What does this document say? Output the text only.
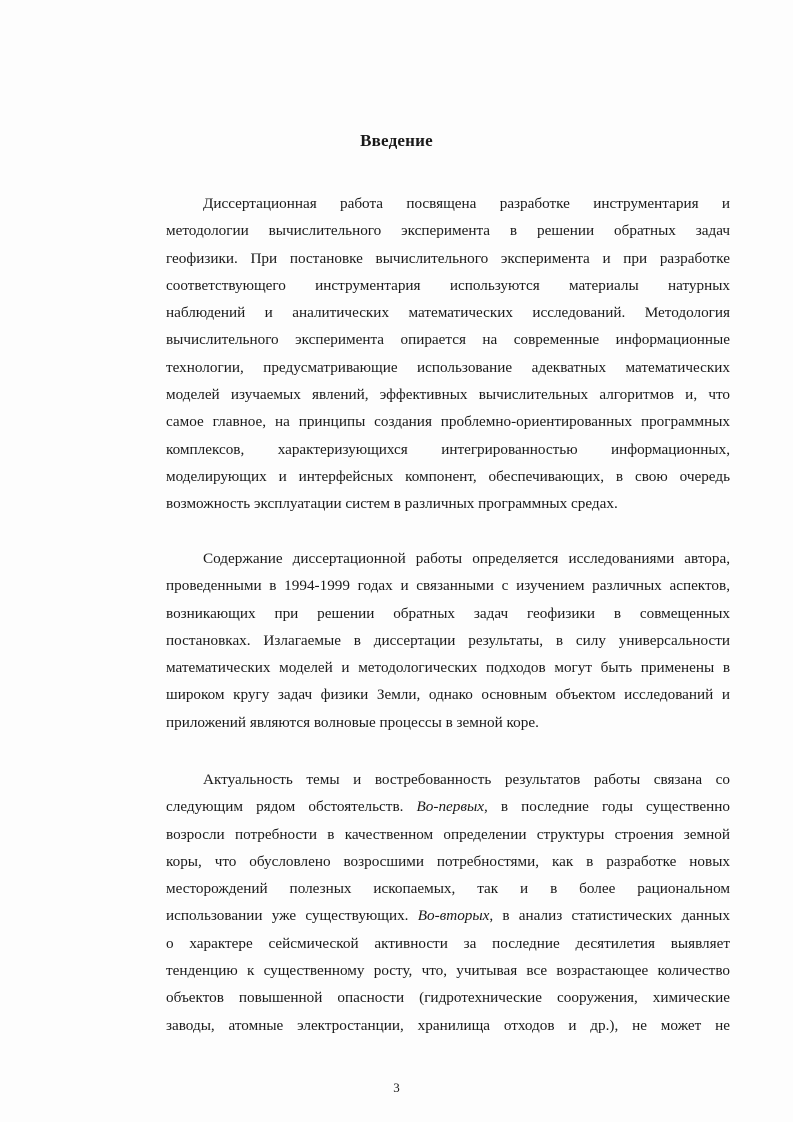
Введение
Диссертационная работа посвящена разработке инструментария и
методологии вычислительного эксперимента в решении обратных задач
геофизики. При постановке вычислительного эксперимента и при разработке
соответствующего инструментария используются материалы натурных
наблюдений и аналитических математических исследований. Методология
вычислительного эксперимента опирается на современные информационные
технологии, предусматривающие использование адекватных математических
моделей изучаемых явлений, эффективных вычислительных алгоритмов и, что
самое главное, на принципы создания проблемно-ориентированных программных
комплексов, характеризующихся интегрированностью информационных,
моделирующих и интерфейсных компонент, обеспечивающих, в свою очередь
возможность эксплуатации систем в различных программных средах.
Содержание диссертационной работы определяется исследованиями автора,
проведенными в 1994-1999 годах и связанными с изучением различных аспектов,
возникающих при решении обратных задач геофизики в совмещенных
постановках. Излагаемые в диссертации результаты, в силу универсальности
математических моделей и методологических подходов могут быть применены в
широком кругу задач физики Земли, однако основным объектом исследований и
приложений являются волновые процессы в земной коре.
Актуальность темы и востребованность результатов работы связана со
следующим рядом обстоятельств. Во-первых, в последние годы существенно
возросли потребности в качественном определении структуры строения земной
коры, что обусловлено возросшими потребностями, как в разработке новых
месторождений полезных ископаемых, так и в более рациональном
использовании уже существующих. Во-вторых, в анализ статистических данных
о характере сейсмической активности за последние десятилетия выявляет
тенденцию к существенному росту, что, учитывая все возрастающее количество
объектов повышенной опасности (гидротехнические сооружения, химические
заводы, атомные электростанции, хранилища отходов и др.), не может не
3
